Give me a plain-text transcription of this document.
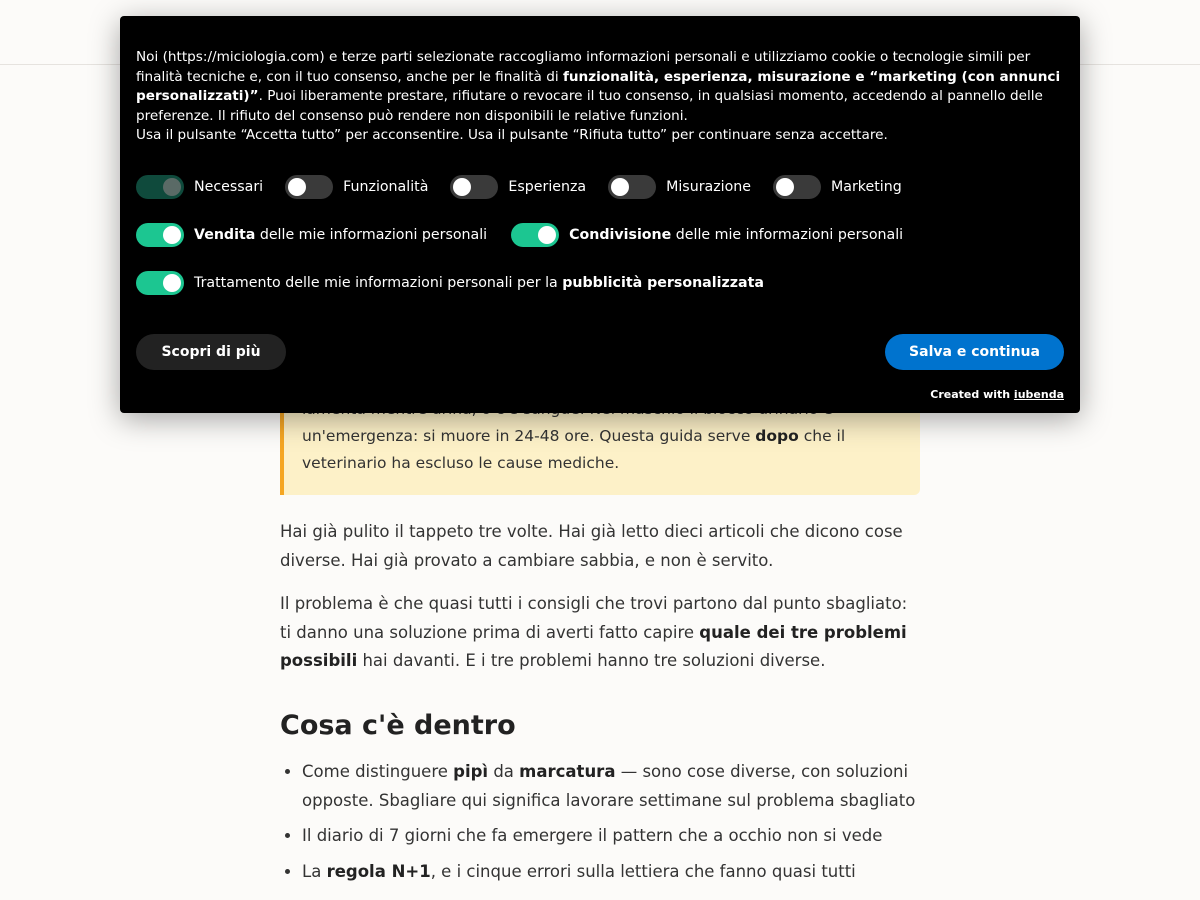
un'emergenza: si muore in 24-48 ore. Questa guida serve dopo che il
veterinario ha escluso le cause mediche.

Hai già pulito il tappeto tre volte. Hai già letto dieci articoli che dicono cose diverse. Hai già provato a cambiare sabbia, e non è servito.

Il problema è che quasi tutti i consigli che trovi partono dal punto sbagliato: ti danno una soluzione prima di averti fatto capire quale dei tre problemi possibili hai davanti. E i tre problemi hanno tre soluzioni diverse.

Cosa c'è dentro
• Come distinguere pipì da marcatura — sono cose diverse, con soluzioni opposte. Sbagliare qui significa lavorare settimane sul problema sbagliato
• Il diario di 7 giorni che fa emergere il pattern che a occhio non si vede
• La regola N+1, e i cinque errori sulla lettiera che fanno quasi tutti

Noi (https://miciologia.com) e terze parti selezionate raccogliamo informazioni personali e utilizziamo cookie o tecnologie simili per finalità tecniche e, con il tuo consenso, anche per le finalità di funzionalità, esperienza, misurazione e “marketing (con annunci personalizzati)”. Puoi liberamente prestare, rifiutare o revocare il tuo consenso, in qualsiasi momento, accedendo al pannello delle preferenze. Il rifiuto del consenso può rendere non disponibili le relative funzioni.
Usa il pulsante “Accetta tutto” per acconsentire. Usa il pulsante “Rifiuta tutto” per continuare senza accettare.

Necessari	Funzionalità	Esperienza	Misurazione	Marketing
Vendita delle mie informazioni personali	Condivisione delle mie informazioni personali
Trattamento delle mie informazioni personali per la pubblicità personalizzata
Scopri di più	Salva e continua
Created with iubenda
